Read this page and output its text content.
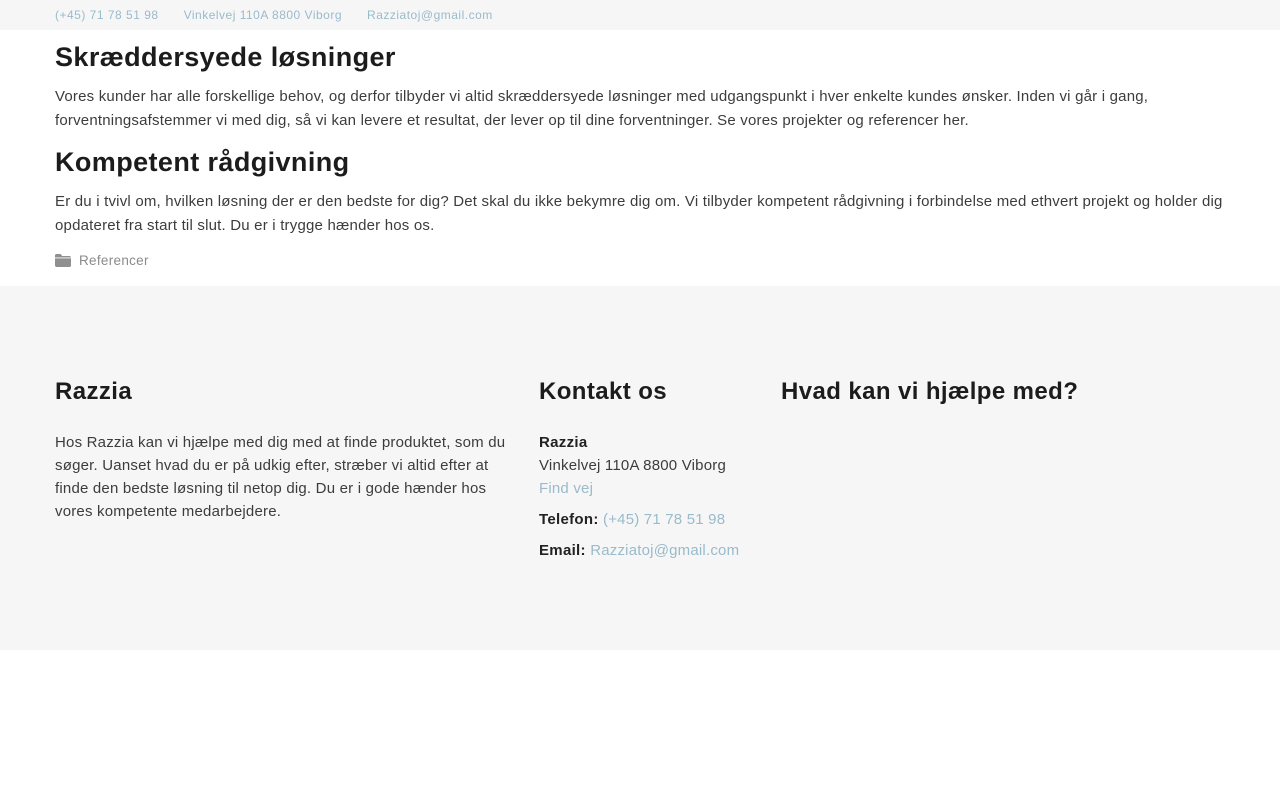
(+45) 71 78 51 98 Vinkelvej 110A 8800 Viborg Razziatoj@gmail.com
Skræddersyede løsninger

Vores kunder har alle forskellige behov, og derfor tilbyder vi altid skræddersyede løsninger med udgangspunkt i hver enkelte kundes ønsker. Inden vi går i gang, forventningsafstemmer vi med dig, så vi kan levere et resultat, der lever op til dine forventninger. Se vores projekter og referencer her.

Kompetent rådgivning

Er du i tvivl om, hvilken løsning der er den bedste for dig? Det skal du ikke bekymre dig om. Vi tilbyder kompetent rådgivning i forbindelse med ethvert projekt og holder dig opdateret fra start til slut. Du er i trygge hænder hos os.

Referencer
Razzia

Hos Razzia kan vi hjælpe med dig med at finde produktet, som du søger. Uanset hvad du er på udkig efter, stræber vi altid efter at finde den bedste løsning til netop dig. Du er i gode hænder hos vores kompetente medarbejdere.

Kontakt os

Razzia
Vinkelvej 110A 8800 Viborg
Find vej

Telefon: (+45) 71 78 51 98

Email: Razziatoj@gmail.com

Hvad kan vi hjælpe med?
